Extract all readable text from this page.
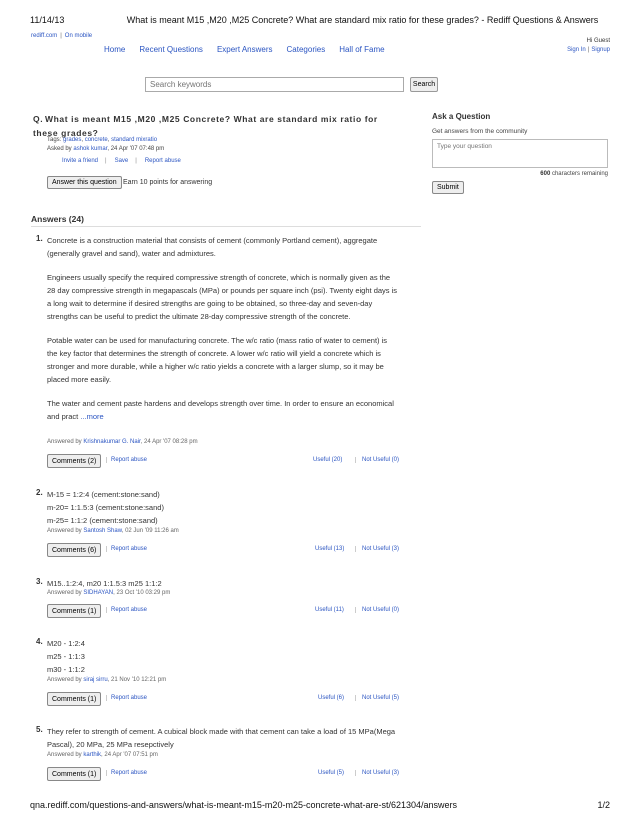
11/14/13	What is meant M15 ,M20 ,M25 Concrete? What are standard mix ratio for these grades? - Rediff Questions & Answers
rediff.com | On mobile
Hi Guest
Sign In | Signup
Home Recent Questions Expert Answers Categories Hall of Fame
Search keywords
Search
Q. What is meant M15 ,M20 ,M25 Concrete? What are standard mix ratio for these grades?
Tags: grades, concrete, standard mixratio
Asked by ashok kumar, 24 Apr '07 07:48 pm
Invite a friend	|	Save	|	Report abuse
Answer this question Earn 10 points for answering
Ask a Question
Get answers from the community
Type your question
600 characters remaining
Submit
Answers (24)
1. Concrete is a construction material that consists of cement (commonly Portland cement), aggregate (generally gravel and sand), water and admixtures.

Engineers usually specify the required compressive strength of concrete, which is normally given as the 28 day compressive strength in megapascals (MPa) or pounds per square inch (psi). Twenty eight days is a long wait to determine if desired strengths are going to be obtained, so three-day and seven-day strengths can be useful to predict the ultimate 28-day compressive strength of the concrete.

Potable water can be used for manufacturing concrete. The w/c ratio (mass ratio of water to cement) is the key factor that determines the strength of concrete. A lower w/c ratio will yield a concrete which is stronger and more durable, while a higher w/c ratio yields a concrete with a larger slump, so it may be placed more easily.

The water and cement paste hardens and develops strength over time. In order to ensure an economical and pract ...more

Answered by Krishnakumar G. Nair, 24 Apr '07 08:28 pm
Comments (2)	Report abuse	Useful (20)	Not Useful (0)
2. M-15 = 1:2:4 (cement:stone:sand)
m-20= 1:1.5:3 (cement:stone:sand)
m-25= 1:1:2 (cement:stone:sand)
Answered by Santosh Shaw, 02 Jun '09 11:26 am
Comments (6)	Report abuse	Useful (13)	Not Useful (3)
3. M15..1:2:4, m20 1:1.5:3 m25 1:1:2
Answered by SIDHAYAN, 23 Oct '10 03:29 pm
Comments (1)	Report abuse	Useful (11)	Not Useful (0)
4. M20 - 1:2:4
m25 - 1:1:3
m30 - 1:1:2
Answered by siraj sirru, 21 Nov '10 12:21 pm
Comments (1)	Report abuse	Useful (6)	Not Useful (5)
5. They refer to strength of cement. A cubical block made with that cement can take a load of 15 MPa(Mega Pascal), 20 MPa, 25 MPa resepctively
Answered by karthik, 24 Apr '07 07:51 pm
Comments (1)	Report abuse	Useful (5)	Not Useful (3)
qna.rediff.com/questions-and-answers/what-is-meant-m15-m20-m25-concrete-what-are-st/621304/answers	1/2
